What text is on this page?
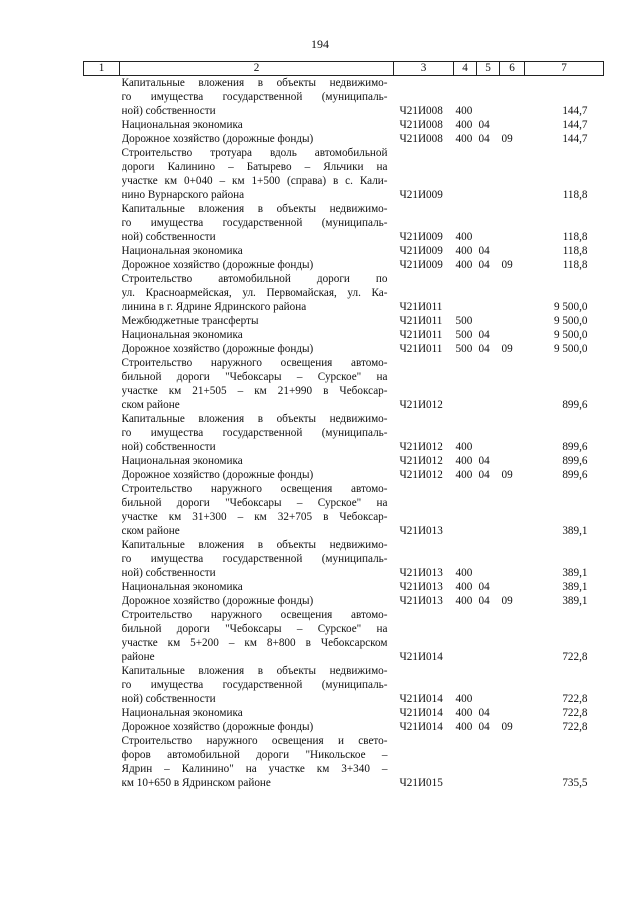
194
1	2	3	4	5	6	7

	Капитальные вложения в объекты недвижимо-
го имущества государственной (муниципаль-
ной) собственности	Ч21И008	400			144,7

	Национальная экономика	Ч21И008	400	04		144,7

	Дорожное хозяйство (дорожные фонды)	Ч21И008	400	04	09	144,7

	Строительство тротуара вдоль автомобильной
дороги Калинино – Батырево – Яльчики на
участке км 0+040 – км 1+500 (справа) в с. Кали-
нино Вурнарского района	Ч21И009				118,8

	Капитальные вложения в объекты недвижимо-
го имущества государственной (муниципаль-
ной) собственности	Ч21И009	400			118,8

	Национальная экономика	Ч21И009	400	04		118,8

	Дорожное хозяйство (дорожные фонды)	Ч21И009	400	04	09	118,8

	Строительство автомобильной дороги по
ул. Красноармейская, ул. Первомайская, ул. Ка-
линина в г. Ядрине Ядринского района	Ч21И011				9 500,0

	Межбюджетные трансферты	Ч21И011	500			9 500,0

	Национальная экономика	Ч21И011	500	04		9 500,0

	Дорожное хозяйство (дорожные фонды)	Ч21И011	500	04	09	9 500,0

	Строительство наружного освещения автомо-
бильной дороги "Чебоксары – Сурское" на
участке км 21+505 – км 21+990 в Чебоксар-
ском районе	Ч21И012				899,6

	Капитальные вложения в объекты недвижимо-
го имущества государственной (муниципаль-
ной) собственности	Ч21И012	400			899,6

	Национальная экономика	Ч21И012	400	04		899,6

	Дорожное хозяйство (дорожные фонды)	Ч21И012	400	04	09	899,6

	Строительство наружного освещения автомо-
бильной дороги "Чебоксары – Сурское" на
участке км 31+300 – км 32+705 в Чебоксар-
ском районе	Ч21И013				389,1

	Капитальные вложения в объекты недвижимо-
го имущества государственной (муниципаль-
ной) собственности	Ч21И013	400			389,1

	Национальная экономика	Ч21И013	400	04		389,1

	Дорожное хозяйство (дорожные фонды)	Ч21И013	400	04	09	389,1

	Строительство наружного освещения автомо-
бильной дороги "Чебоксары – Сурское" на
участке км 5+200 – км 8+800 в Чебоксарском
районе	Ч21И014				722,8

	Капитальные вложения в объекты недвижимо-
го имущества государственной (муниципаль-
ной) собственности	Ч21И014	400			722,8

	Национальная экономика	Ч21И014	400	04		722,8

	Дорожное хозяйство (дорожные фонды)	Ч21И014	400	04	09	722,8

	Строительство наружного освещения и свето-
форов автомобильной дороги "Никольское –
Ядрин – Калинино" на участке км 3+340 –
км 10+650 в Ядринском районе	Ч21И015				735,5
